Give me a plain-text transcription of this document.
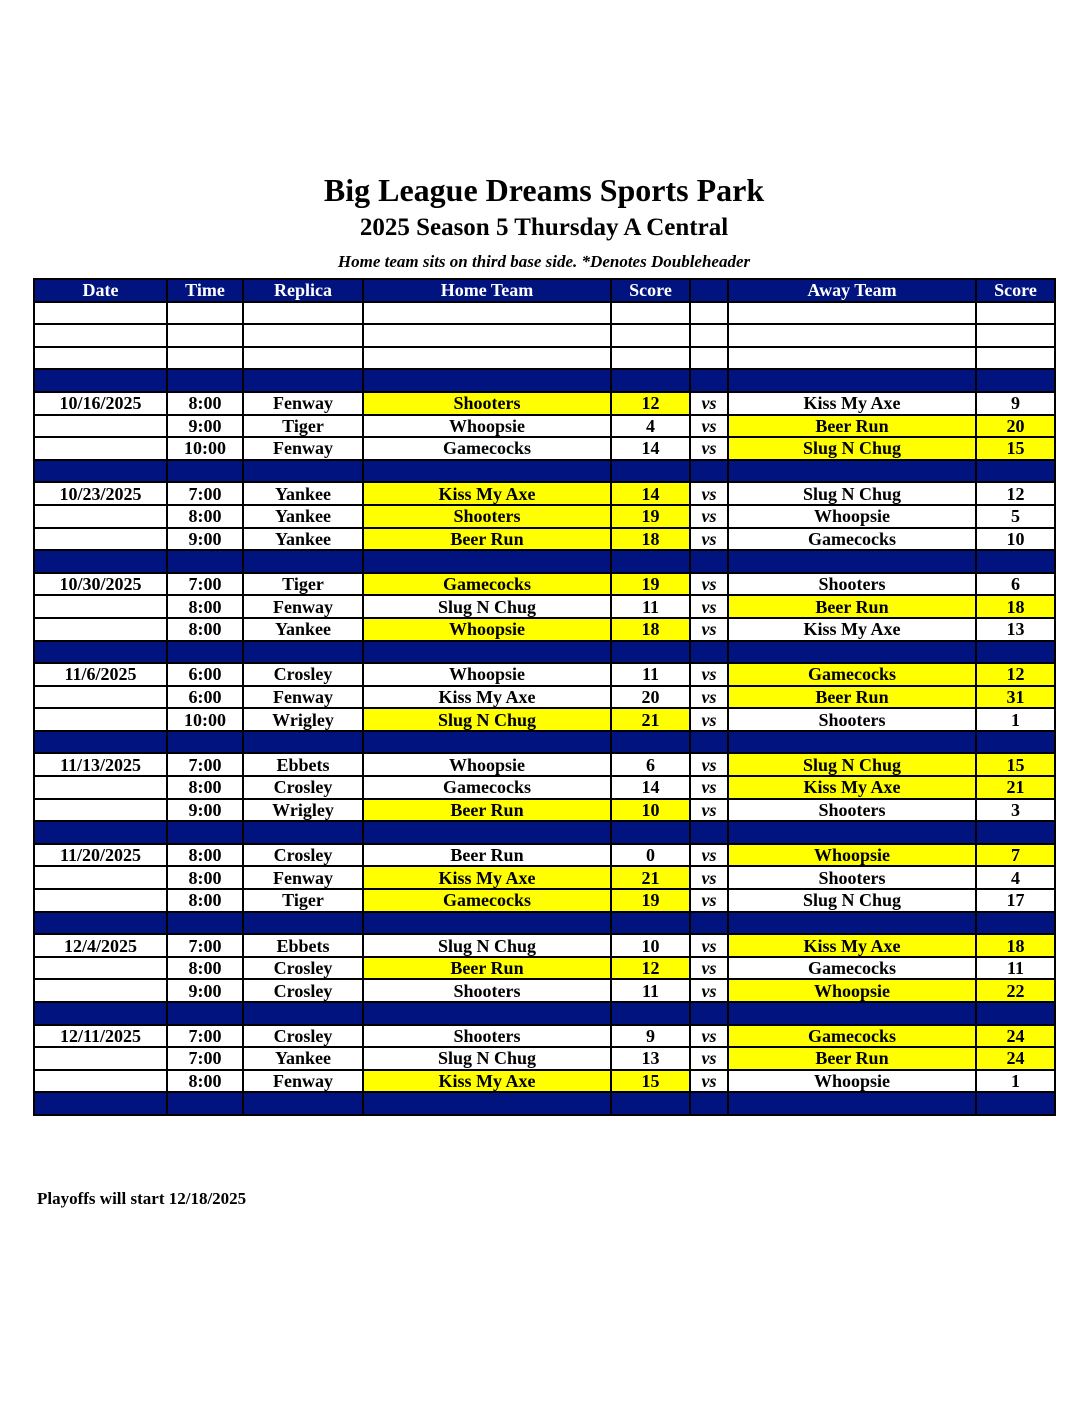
Big League Dreams Sports Park
2025 Season 5 Thursday A Central
Home team sits on third base side. *Denotes Doubleheader
Date	Time	Replica	Home Team	Score		Away Team	Score

10/16/2025	8:00	Fenway	Shooters	12	vs	Kiss My Axe	9
	9:00	Tiger	Whoopsie	4	vs	Beer Run	20
	10:00	Fenway	Gamecocks	14	vs	Slug N Chug	15

10/23/2025	7:00	Yankee	Kiss My Axe	14	vs	Slug N Chug	12
	8:00	Yankee	Shooters	19	vs	Whoopsie	5
	9:00	Yankee	Beer Run	18	vs	Gamecocks	10

10/30/2025	7:00	Tiger	Gamecocks	19	vs	Shooters	6
	8:00	Fenway	Slug N Chug	11	vs	Beer Run	18
	8:00	Yankee	Whoopsie	18	vs	Kiss My Axe	13

11/6/2025	6:00	Crosley	Whoopsie	11	vs	Gamecocks	12
	6:00	Fenway	Kiss My Axe	20	vs	Beer Run	31
	10:00	Wrigley	Slug N Chug	21	vs	Shooters	1

11/13/2025	7:00	Ebbets	Whoopsie	6	vs	Slug N Chug	15
	8:00	Crosley	Gamecocks	14	vs	Kiss My Axe	21
	9:00	Wrigley	Beer Run	10	vs	Shooters	3

11/20/2025	8:00	Crosley	Beer Run	0	vs	Whoopsie	7
	8:00	Fenway	Kiss My Axe	21	vs	Shooters	4
	8:00	Tiger	Gamecocks	19	vs	Slug N Chug	17

12/4/2025	7:00	Ebbets	Slug N Chug	10	vs	Kiss My Axe	18
	8:00	Crosley	Beer Run	12	vs	Gamecocks	11
	9:00	Crosley	Shooters	11	vs	Whoopsie	22

12/11/2025	7:00	Crosley	Shooters	9	vs	Gamecocks	24
	7:00	Yankee	Slug N Chug	13	vs	Beer Run	24
	8:00	Fenway	Kiss My Axe	15	vs	Whoopsie	1

Playoffs will start 12/18/2025
